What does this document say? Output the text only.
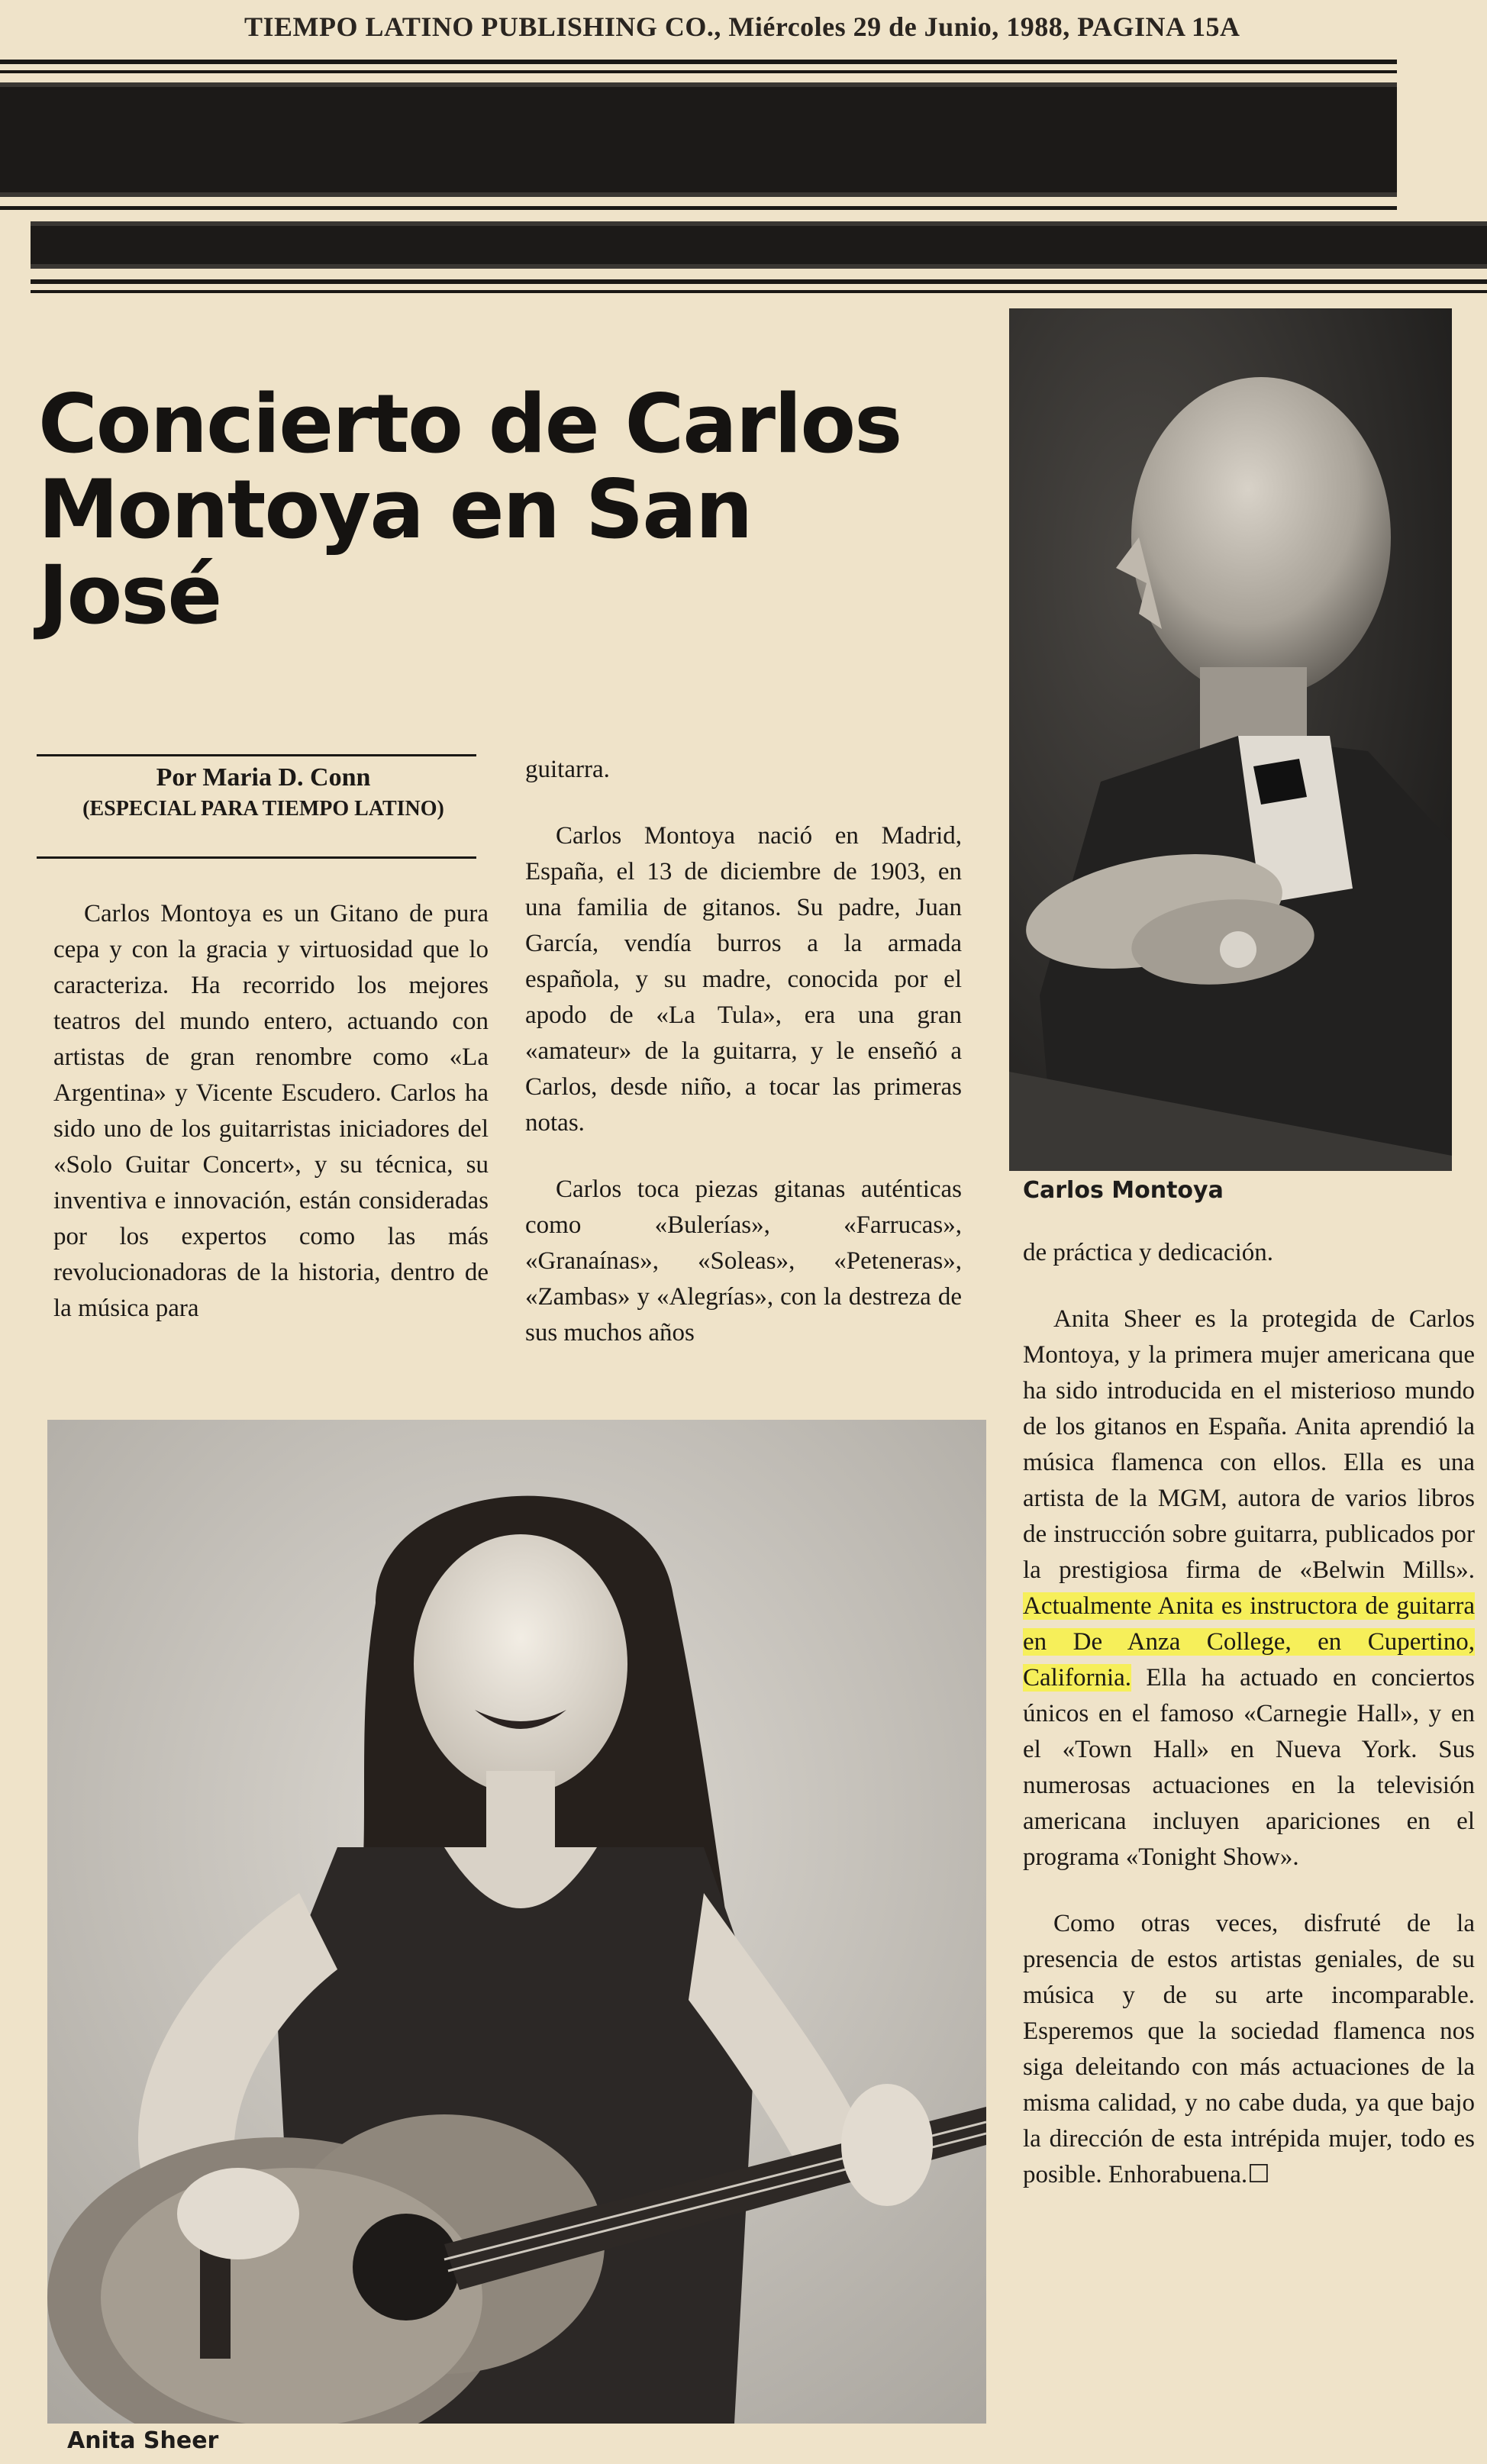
TIEMPO LATINO PUBLISHING CO., Miércoles 29 de Junio, 1988, PAGINA 15A
Concierto de Carlos
Montoya en San
José
Por Maria D. Conn
(ESPECIAL PARA TIEMPO LATINO)

Carlos Montoya es un Gitano de pura cepa y con la gracia y virtuosidad que lo caracteriza. Ha recorrido los mejores teatros del mundo entero, actuando con artistas de gran renombre como «La Argentina» y Vicente Escudero. Carlos ha sido uno de los guitarristas iniciadores del «Solo Guitar Concert», y su técnica, su inventiva e innovación, están consideradas por los expertos como las más revolucionadoras de la historia, dentro de la música para

guitarra.

Carlos Montoya nació en Madrid, España, el 13 de diciembre de 1903, en una familia de gitanos. Su padre, Juan García, vendía burros a la armada española, y su madre, conocida por el apodo de «La Tula», era una gran «amateur» de la guitarra, y le enseñó a Carlos, desde niño, a tocar las primeras notas.

Carlos toca piezas gitanas auténticas como «Bulerías», «Farrucas», «Granaínas», «Soleas», «Peteneras», «Zambas» y «Alegrías», con la destreza de sus muchos años

Carlos Montoya

de práctica y dedicación.

Anita Sheer es la protegida de Carlos Montoya, y la primera mujer americana que ha sido introducida en el misterioso mundo de los gitanos en España. Anita aprendió la música flamenca con ellos. Ella es una artista de la MGM, autora de varios libros de instrucción sobre guitarra, publicados por la prestigiosa firma de «Belwin Mills». Actualmente Anita es instructora de guitarra en De Anza College, en Cupertino, California. Ella ha actuado en conciertos únicos en el famoso «Carnegie Hall», y en el «Town Hall» en Nueva York. Sus numerosas actuaciones en la televisión americana incluyen apariciones en el programa «Tonight Show».

Como otras veces, disfruté de la presencia de estos artistas geniales, de su música y de su arte incomparable. Esperemos que la sociedad flamenca nos siga deleitando con más actuaciones de la misma calidad, y no cabe duda, ya que bajo la dirección de esta intrépida mujer, todo es posible. Enhorabuena.☐

Anita Sheer
